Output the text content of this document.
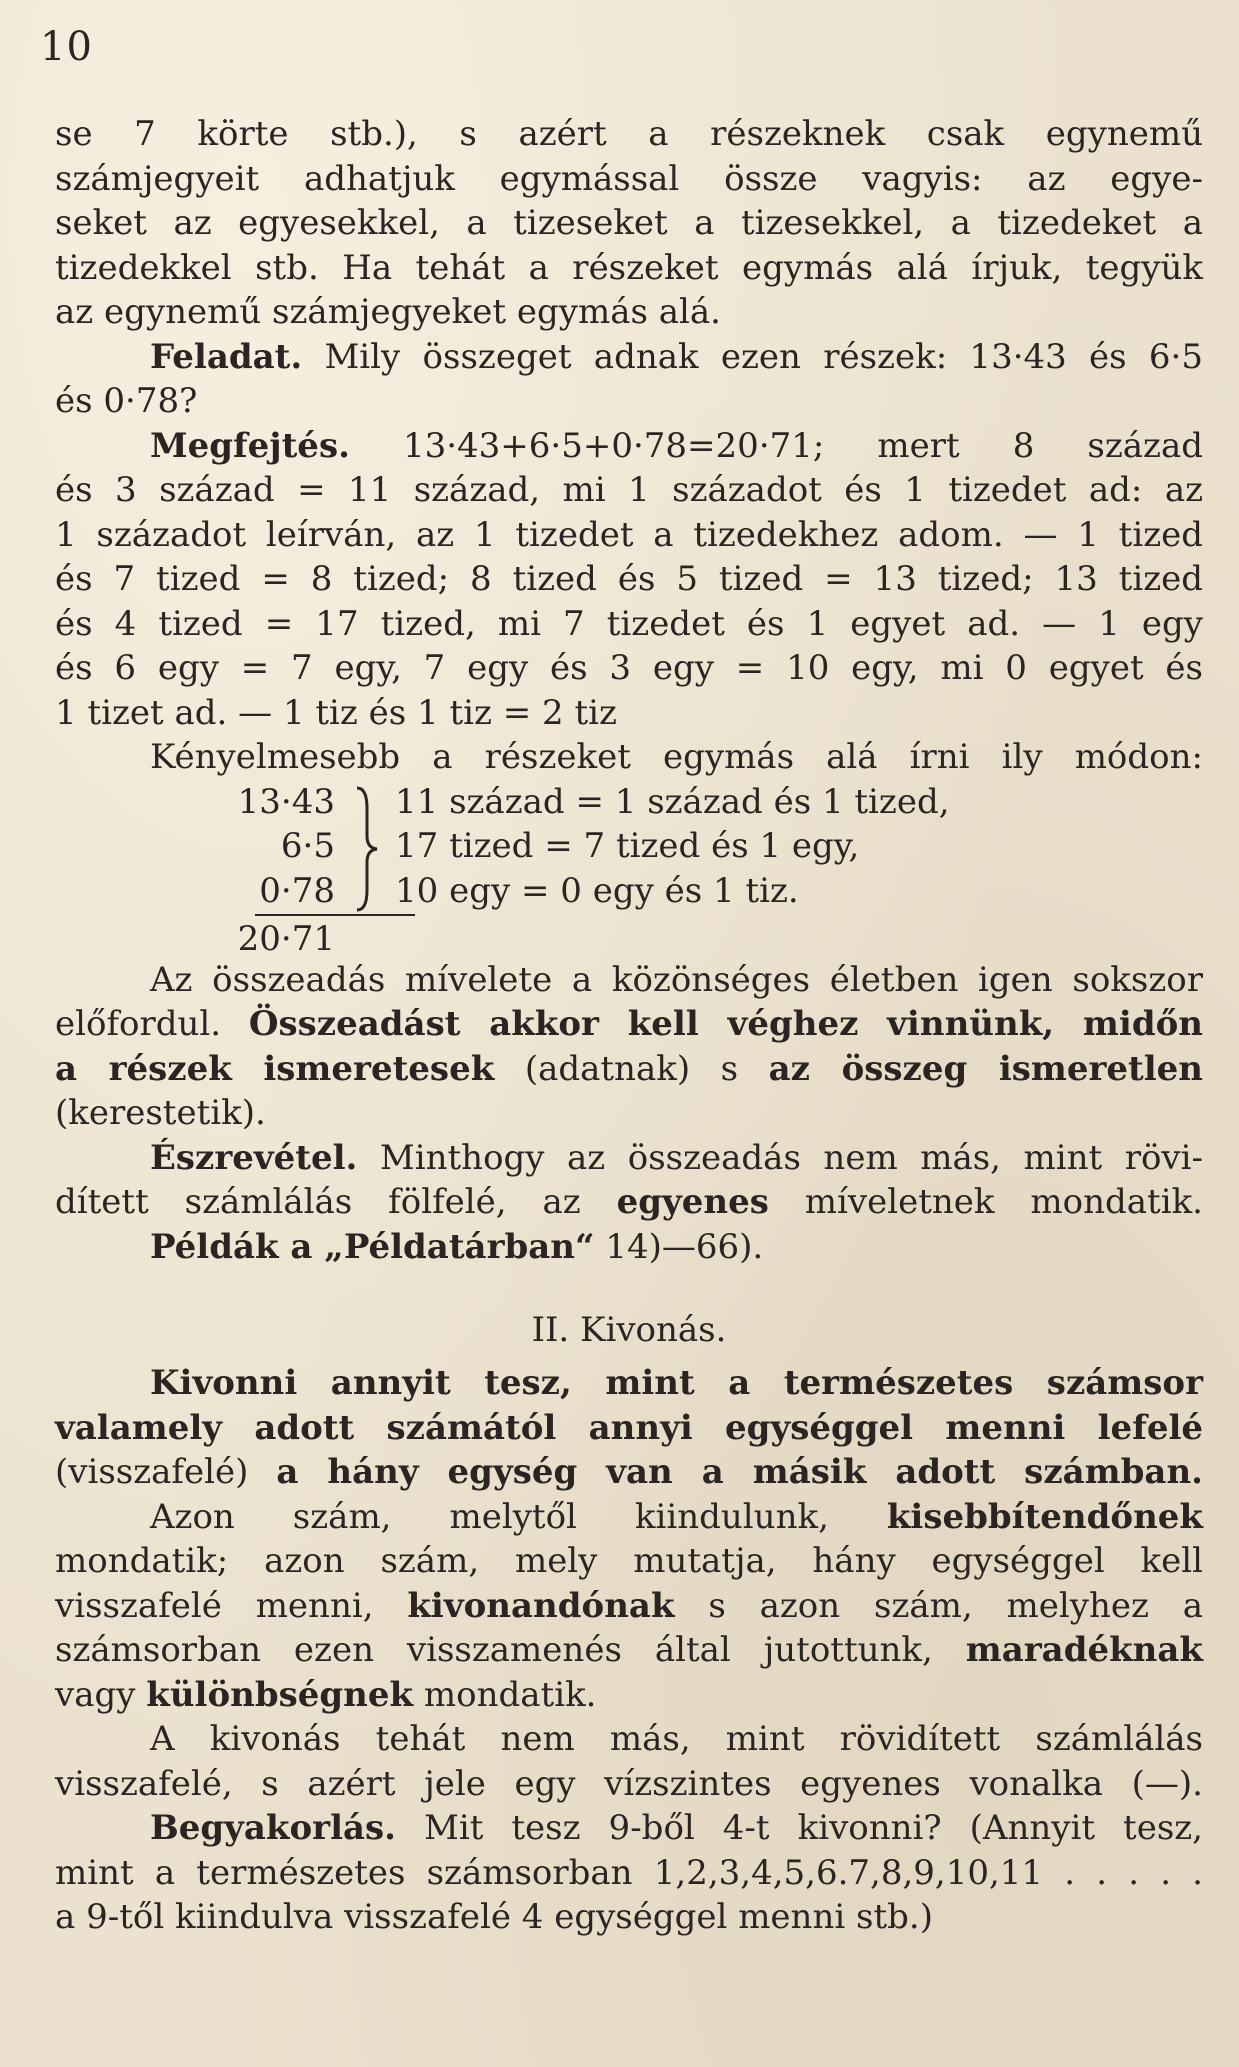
10
se 7 körte stb.), s azért a részeknek csak egynemű
számjegyeit adhatjuk egymással össze vagyis: az egye-
seket az egyesekkel, a tizeseket a tizesekkel, a tizedeket a
tizedekkel stb. Ha tehát a részeket egymás alá írjuk, tegyük
az egynemű számjegyeket egymás alá.
Feladat. Mily összeget adnak ezen részek: 13·43 és 6·5
és 0·78?
Megfejtés. 13·43+6·5+0·78=20·71; mert 8 század
és 3 század = 11 század, mi 1 századot és 1 tizedet ad: az
1 századot leírván, az 1 tizedet a tizedekhez adom. — 1 tized
és 7 tized = 8 tized; 8 tized és 5 tized = 13 tized; 13 tized
és 4 tized = 17 tized, mi 7 tizedet és 1 egyet ad. — 1 egy
és 6 egy = 7 egy, 7 egy és 3 egy = 10 egy, mi 0 egyet és
1 tizet ad. — 1 tiz és 1 tiz = 2 tiz
Kényelmesebb a részeket egymás alá írni ily módon:
13·43
6·5
0·78
11 század = 1 század és 1 tized,
17 tized = 7 tized és 1 egy,
10 egy = 0 egy és 1 tiz.
20·71
Az összeadás mívelete a közönséges életben igen sokszor
előfordul. Összeadást akkor kell véghez vinnünk, midőn
a részek ismeretesek (adatnak) s az összeg ismeretlen
(kerestetik).
Észrevétel. Minthogy az összeadás nem más, mint rövi-
dített számlálás fölfelé, az egyenes míveletnek mondatik.
Példák a „Példatárban“ 14)—66).
II. Kivonás.
Kivonni annyit tesz, mint a természetes számsor
valamely adott számától annyi egységgel menni lefelé
(visszafelé) a hány egység van a másik adott számban.
Azon szám, melytől kiindulunk, kisebbítendőnek
mondatik; azon szám, mely mutatja, hány egységgel kell
visszafelé menni, kivonandónak s azon szám, melyhez a
számsorban ezen visszamenés által jutottunk, maradéknak
vagy különbségnek mondatik.
A kivonás tehát nem más, mint rövidített számlálás
visszafelé, s azért jele egy vízszintes egyenes vonalka (—).
Begyakorlás. Mit tesz 9-ből 4-t kivonni? (Annyit tesz,
mint a természetes számsorban 1,2,3,4,5,6.7,8,9,10,11 . . . . .
a 9-től kiindulva visszafelé 4 egységgel menni stb.)
